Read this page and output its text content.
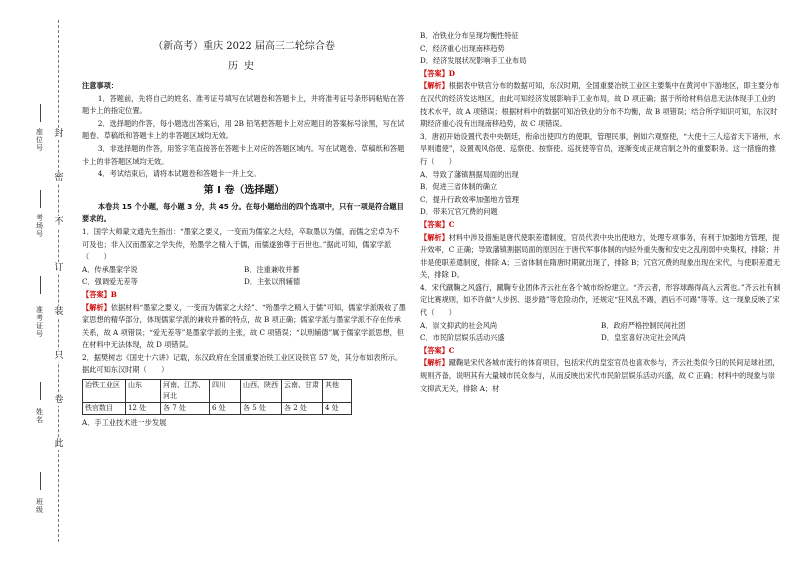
封
密
不
订
装
只
卷
此
座位号
考场号
准考证号
姓名
班级
（新高考）重庆 2022 届高三二轮综合卷
历史

注意事项：

1．答题前，先将自己的姓名、准考证号填写在试题卷和答题卡上，并将准考证号条形码粘贴在答题卡上的指定位置。

2．选择题的作答，每小题选出答案后，用 2B 铅笔把答题卡上对应题目的答案标号涂黑，写在试题卷、草稿纸和答题卡上的非答题区域均无效。

3．非选择题的作答，用签字笔直接答在答题卡上对应的答题区域内。写在试题卷、草稿纸和答题卡上的非答题区域均无效。

4．考试结束后，请将本试题卷和答题卡一并上交。

第 I 卷（选择题）

本卷共 15 个小题，每小题 3 分，共 45 分。在每小题给出的四个选项中，只有一项是符合题目要求的。

1．国学大师蒙文通先生指出：“墨家之要义，一变而为儒家之大经，卒取墨以为儒，而儒之宏卓为不可及也；非入汉而墨家之学失传，殆墨学之精入于儒，而儒遂独尊于百世也。”据此可知，儒家学派（　　）

A．传承墨家学说	B．注重兼收并蓄
C．强调爱无差等	D．主张以刑辅德

【答案】B

【解析】依据材料“墨家之要义，一变而为儒家之大经”、“殆墨学之精入于儒”可知，儒家学派吸收了墨家思想的精华部分，体现儒家学派的兼收并蓄的特点，故 B 项正确；儒家学派与墨家学派不存在传承关系，故 A 项错误；“爱无差等”是墨家学派的主张，故 C 项错误；“以刑辅德”属于儒家学派思想，但在材料中无法体现，故 D 项错误。

2．据樊树志《国史十六讲》记载，东汉政府在全国重要冶铁工业区设铁官 57 处，其分布如表所示。据此可知东汉时期（　　）

冶铁工业区	山东	河南、江苏、河北	四川	山西、陕西	云南、甘肃	其他
铁官数目	12 处	各 7 处	6 处	各 5 处	各 2 处	4 处

A．手工业技术进一步发展

B．冶铁业分布呈现均衡性特征

C．经济重心出现南移趋势

D．经济发展状况影响手工业布局

【答案】D

【解析】根据表中铁官分布的数据可知，东汉时期，全国重要冶铁工业区主要集中在黄河中下游地区，即主要分布在汉代的经济发达地区，由此可知经济发展影响手工业布局，故 D 项正确；据于所给材料信息无法体现手工业的技术水平，故 A 项错误；根据材料中的数据可知冶铁业的分布不均衡，故 B 项错误；结合所学知识可知，东汉时期经济重心没有出现南移趋势，故 C 项错误。

3．唐初开始设置代表中央朝廷，衔命出使四方的使职，管理民事，例如六观察使，“大使十三人巡省天下诸州，水旱则遣使”，设置观风俗使、巡察使、按察使、巡抚使等官员，逐渐变成正规官制之外的重要职务。这一措施的推行（　　）

A．导致了藩镇割据局面的出现

B．促进三省体制的确立

C．提升行政效率加强地方管理

D．带来冗官冗费的问题

【答案】C

【解析】材料中涉及措施是唐代使职差遣制度，官员代表中央出使地方，处理专项事务，有利于加强地方管理，提升效率，C 正确；导致藩镇割据局面的原因在于唐代军事体制的内轻外重失衡和安史之乱削弱中央集权，排除；并非是使职差遣制度，排除 A；三省体制在隋唐时期就出现了，排除 B；冗官冗费的现象出现在宋代，与使职差遣无关，排除 D。

4．宋代蹴鞠之风盛行，蹴鞠专业团体齐云社在各个城市纷纷建立。“齐云者，形容球踢得高入云霄也。”齐云社有制定比赛规则，如不许做“人步拐、退步踏”等危险动作，还规定“狂风乱不踢，酒后不可踢”等等。这一现象反映了宋代（　　）

A．崇文抑武的社会风尚	B．政府严格控制民间社团
C．市民阶层娱乐活动兴盛	D．皇室喜好决定社会风尚

【答案】C

【解析】蹴鞠是宋代各城市流行的体育项目，包括宋代的皇室官员也喜欢参与，齐云社类似今日的民间足球社团，规则齐备，说明其有大量城市民众参与，从而反映出宋代市民阶层娱乐活动兴盛，故 C 正确；材料中的现象与崇文抑武无关，排除 A；材
